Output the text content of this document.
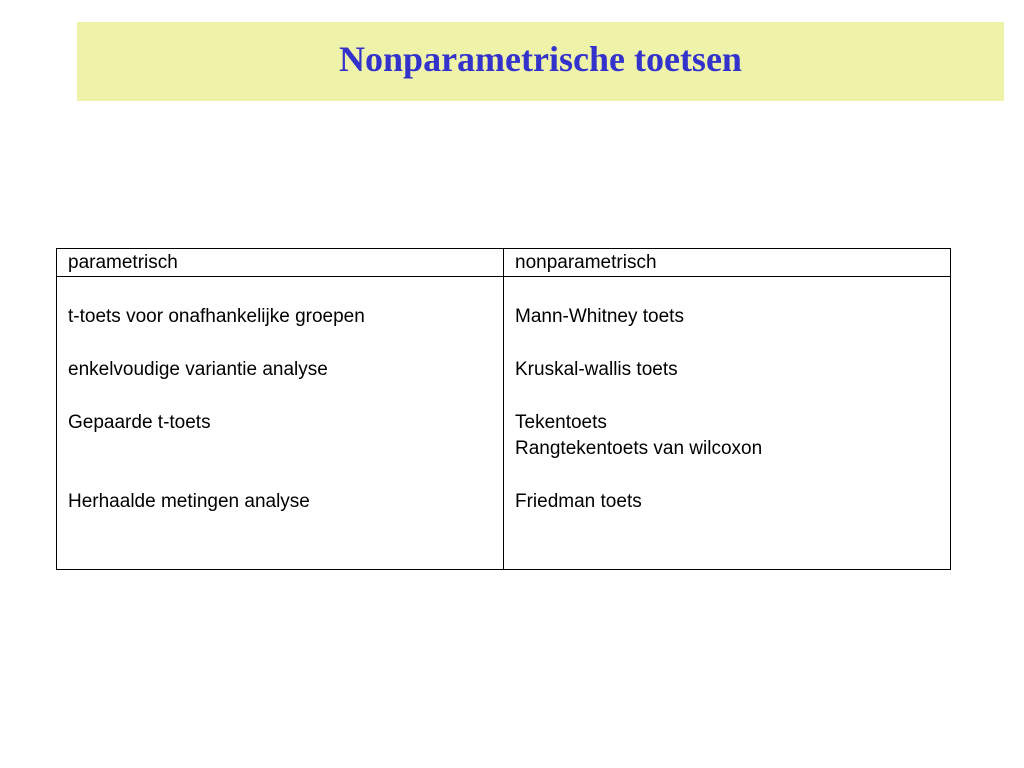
Nonparametrische toetsen
parametrisch	nonparametrisch
t-toets voor onafhankelijke groepen	Mann-Whitney toets
enkelvoudige variantie analyse	Kruskal-wallis toets
Gepaarde t-toets	Tekentoets
Rangtekentoets van wilcoxon
Herhaalde metingen analyse	Friedman toets
